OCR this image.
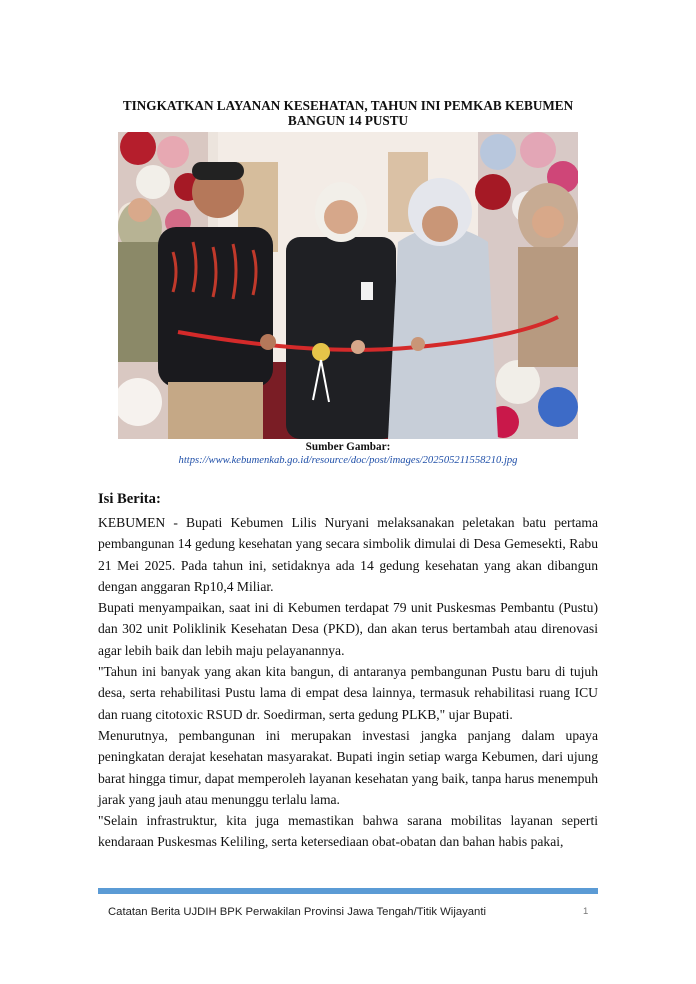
TINGKATKAN LAYANAN KESEHATAN, TAHUN INI PEMKAB KEBUMEN BANGUN 14 PUSTU
Sumber Gambar:
https://www.kebumenkab.go.id/resource/doc/post/images/202505211558210.jpg
Isi Berita:

KEBUMEN - Bupati Kebumen Lilis Nuryani melaksanakan peletakan batu pertama pembangunan 14 gedung kesehatan yang secara simbolik dimulai di Desa Gemesekti, Rabu 21 Mei 2025. Pada tahun ini, setidaknya ada 14 gedung kesehatan yang akan dibangun dengan anggaran Rp10,4 Miliar.

Bupati menyampaikan, saat ini di Kebumen terdapat 79 unit Puskesmas Pembantu (Pustu) dan 302 unit Poliklinik Kesehatan Desa (PKD), dan akan terus bertambah atau direnovasi agar lebih baik dan lebih maju pelayanannya.

"Tahun ini banyak yang akan kita bangun, di antaranya pembangunan Pustu baru di tujuh desa, serta rehabilitasi Pustu lama di empat desa lainnya, termasuk rehabilitasi ruang ICU dan ruang citotoxic RSUD dr. Soedirman, serta gedung PLKB," ujar Bupati.

Menurutnya, pembangunan ini merupakan investasi jangka panjang dalam upaya peningkatan derajat kesehatan masyarakat. Bupati ingin setiap warga Kebumen, dari ujung barat hingga timur, dapat memperoleh layanan kesehatan yang baik, tanpa harus menempuh jarak yang jauh atau menunggu terlalu lama.

"Selain infrastruktur, kita juga memastikan bahwa sarana mobilitas layanan seperti kendaraan Puskesmas Keliling, serta ketersediaan obat-obatan dan bahan habis pakai,

Catatan Berita UJDIH BPK Perwakilan Provinsi Jawa Tengah/Titik Wijayanti	1
